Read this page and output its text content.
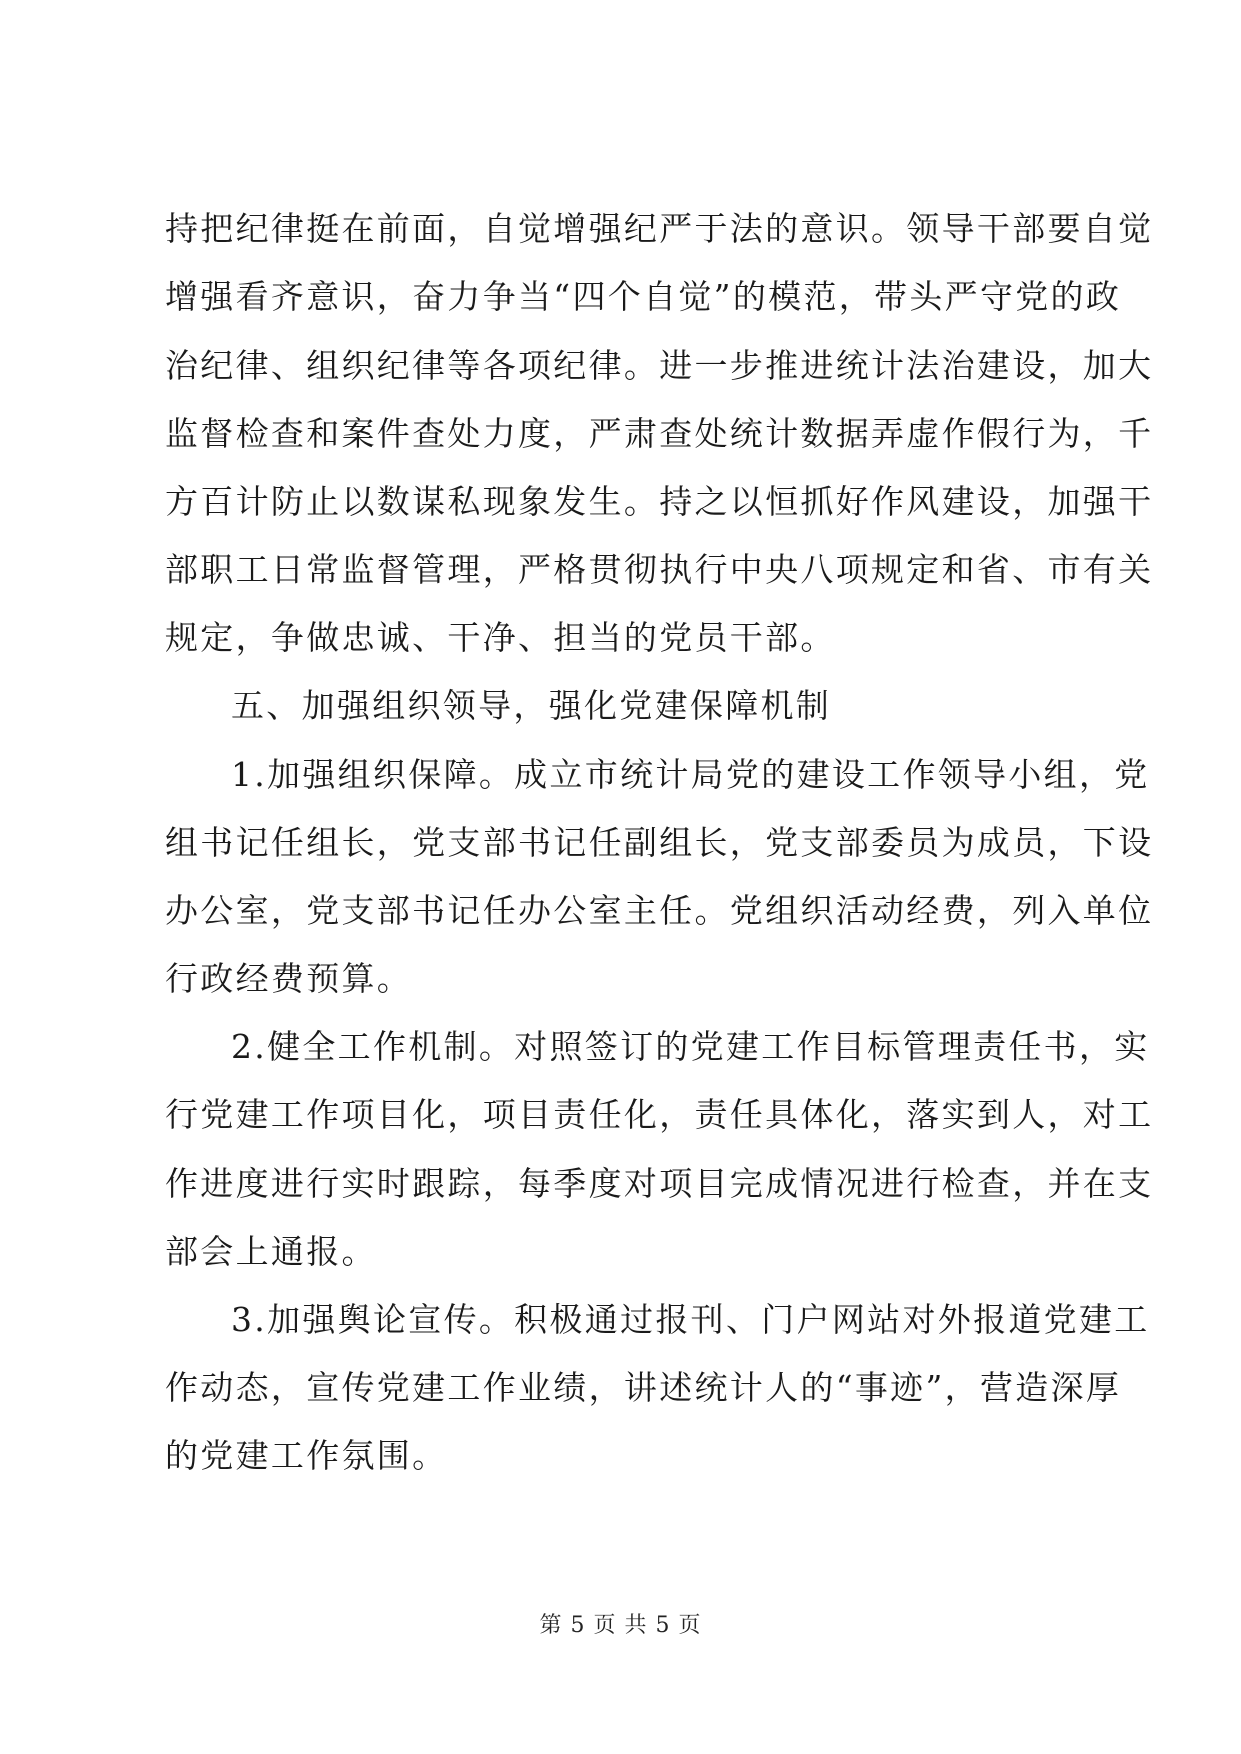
持把纪律挺在前面，自觉增强纪严于法的意识。领导干部要自觉
增强看齐意识，奋力争当“四个自觉”的模范，带头严守党的政
治纪律、组织纪律等各项纪律。进一步推进统计法治建设，加大
监督检查和案件查处力度，严肃查处统计数据弄虚作假行为，千
方百计防止以数谋私现象发生。持之以恒抓好作风建设，加强干
部职工日常监督管理，严格贯彻执行中央八项规定和省、市有关
规定，争做忠诚、干净、担当的党员干部。
五、加强组织领导，强化党建保障机制
1.加强组织保障。成立市统计局党的建设工作领导小组，党
组书记任组长，党支部书记任副组长，党支部委员为成员，下设
办公室，党支部书记任办公室主任。党组织活动经费，列入单位
行政经费预算。
2.健全工作机制。对照签订的党建工作目标管理责任书，实
行党建工作项目化，项目责任化，责任具体化，落实到人，对工
作进度进行实时跟踪，每季度对项目完成情况进行检查，并在支
部会上通报。
3.加强舆论宣传。积极通过报刊、门户网站对外报道党建工
作动态，宣传党建工作业绩，讲述统计人的“事迹”，营造深厚
的党建工作氛围。
第 5 页 共 5 页
